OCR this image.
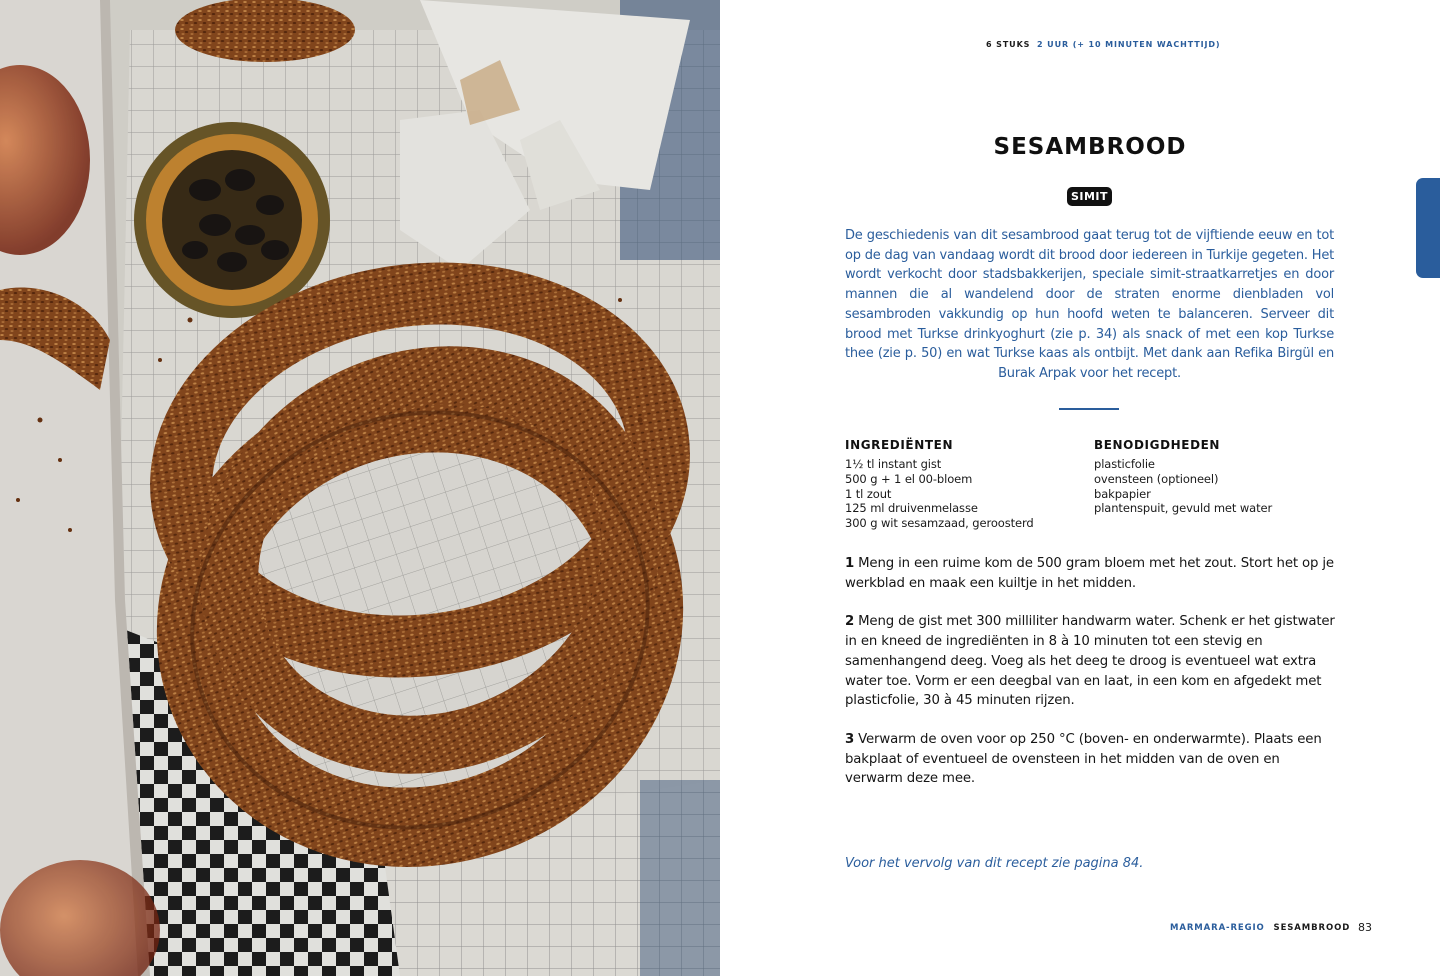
6 STUKS 2 UUR (+ 10 MINUTEN WACHTTIJD)
SESAMBROOD
SIMIT

De geschiedenis van dit sesambrood gaat terug tot de vijftiende eeuw en tot op de dag van vandaag wordt dit brood door iedereen in Turkije gegeten. Het wordt verkocht door stadsbakkerijen, speciale simit-straatkarretjes en door mannen die al wandelend door de straten enorme dienbladen vol sesambroden vakkundig op hun hoofd weten te balanceren. Serveer dit brood met Turkse drinkyoghurt (zie p. 34) als snack of met een kop Turkse thee (zie p. 50) en wat Turkse kaas als ontbijt. Met dank aan Refika Birgül en Burak Arpak voor het recept.

INGREDIËNTEN
1½ tl instant gist
500 g + 1 el 00-bloem
1 tl zout
125 ml druivenmelasse
300 g wit sesamzaad, geroosterd
BENODIGDHEDEN
plasticfolie
ovensteen (optioneel)
bakpapier
plantenspuit, gevuld met water

1 Meng in een ruime kom de 500 gram bloem met het zout. Stort het op je werkblad en maak een kuiltje in het midden.

2 Meng de gist met 300 milliliter handwarm water. Schenk er het gistwater in en kneed de ingrediënten in 8 à 10 minuten tot een stevig en samenhangend deeg. Voeg als het deeg te droog is eventueel wat extra water toe. Vorm er een deegbal van en laat, in een kom en afgedekt met plasticfolie, 30 à 45 minuten rijzen.

3 Verwarm de oven voor op 250 °C (boven- en onderwarmte). Plaats een bakplaat of eventueel de ovensteen in het midden van de oven en verwarm deze mee.

Voor het vervolg van dit recept zie pagina 84.

MARMARA-REGIO SESAMBROOD 83
